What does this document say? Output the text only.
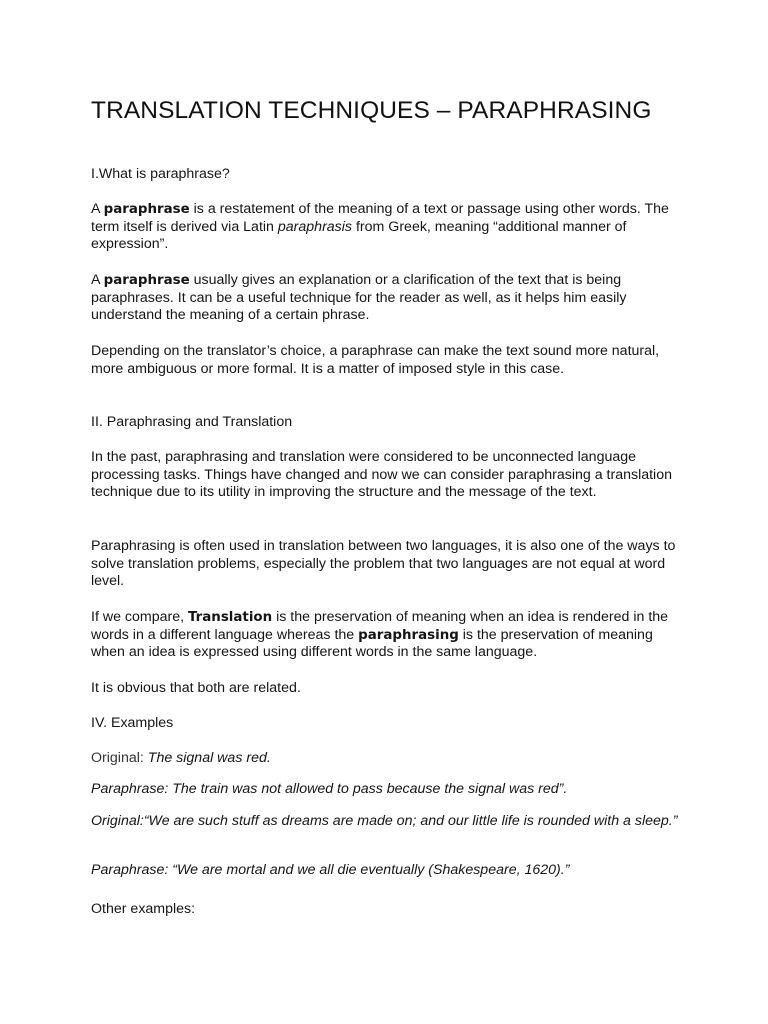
TRANSLATION TECHNIQUES – PARAPHRASING

I.What is paraphrase?

A paraphrase is a restatement of the meaning of a text or passage using other words. The term itself is derived via Latin paraphrasis from Greek, meaning “additional manner of expression”.

A paraphrase usually gives an explanation or a clarification of the text that is being paraphrases. It can be a useful technique for the reader as well, as it helps him easily understand the meaning of a certain phrase.

Depending on the translator’s choice, a paraphrase can make the text sound more natural, more ambiguous or more formal. It is a matter of imposed style in this case.

II. Paraphrasing and Translation

In the past, paraphrasing and translation were considered to be unconnected language processing tasks. Things have changed and now we can consider paraphrasing a translation technique due to its utility in improving the structure and the message of the text.

Paraphrasing is often used in translation between two languages, it is also one of the ways to solve translation problems, especially the problem that two languages are not equal at word level.

If we compare, Translation is the preservation of meaning when an idea is rendered in the words in a different language whereas the paraphrasing is the preservation of meaning when an idea is expressed using different words in the same language.

It is obvious that both are related.

IV. Examples

Original: The signal was red.

Paraphrase: The train was not allowed to pass because the signal was red”.

Original:“We are such stuff as dreams are made on; and our little life is rounded with a sleep.”

Paraphrase: “We are mortal and we all die eventually (Shakespeare, 1620).”

Other examples:
